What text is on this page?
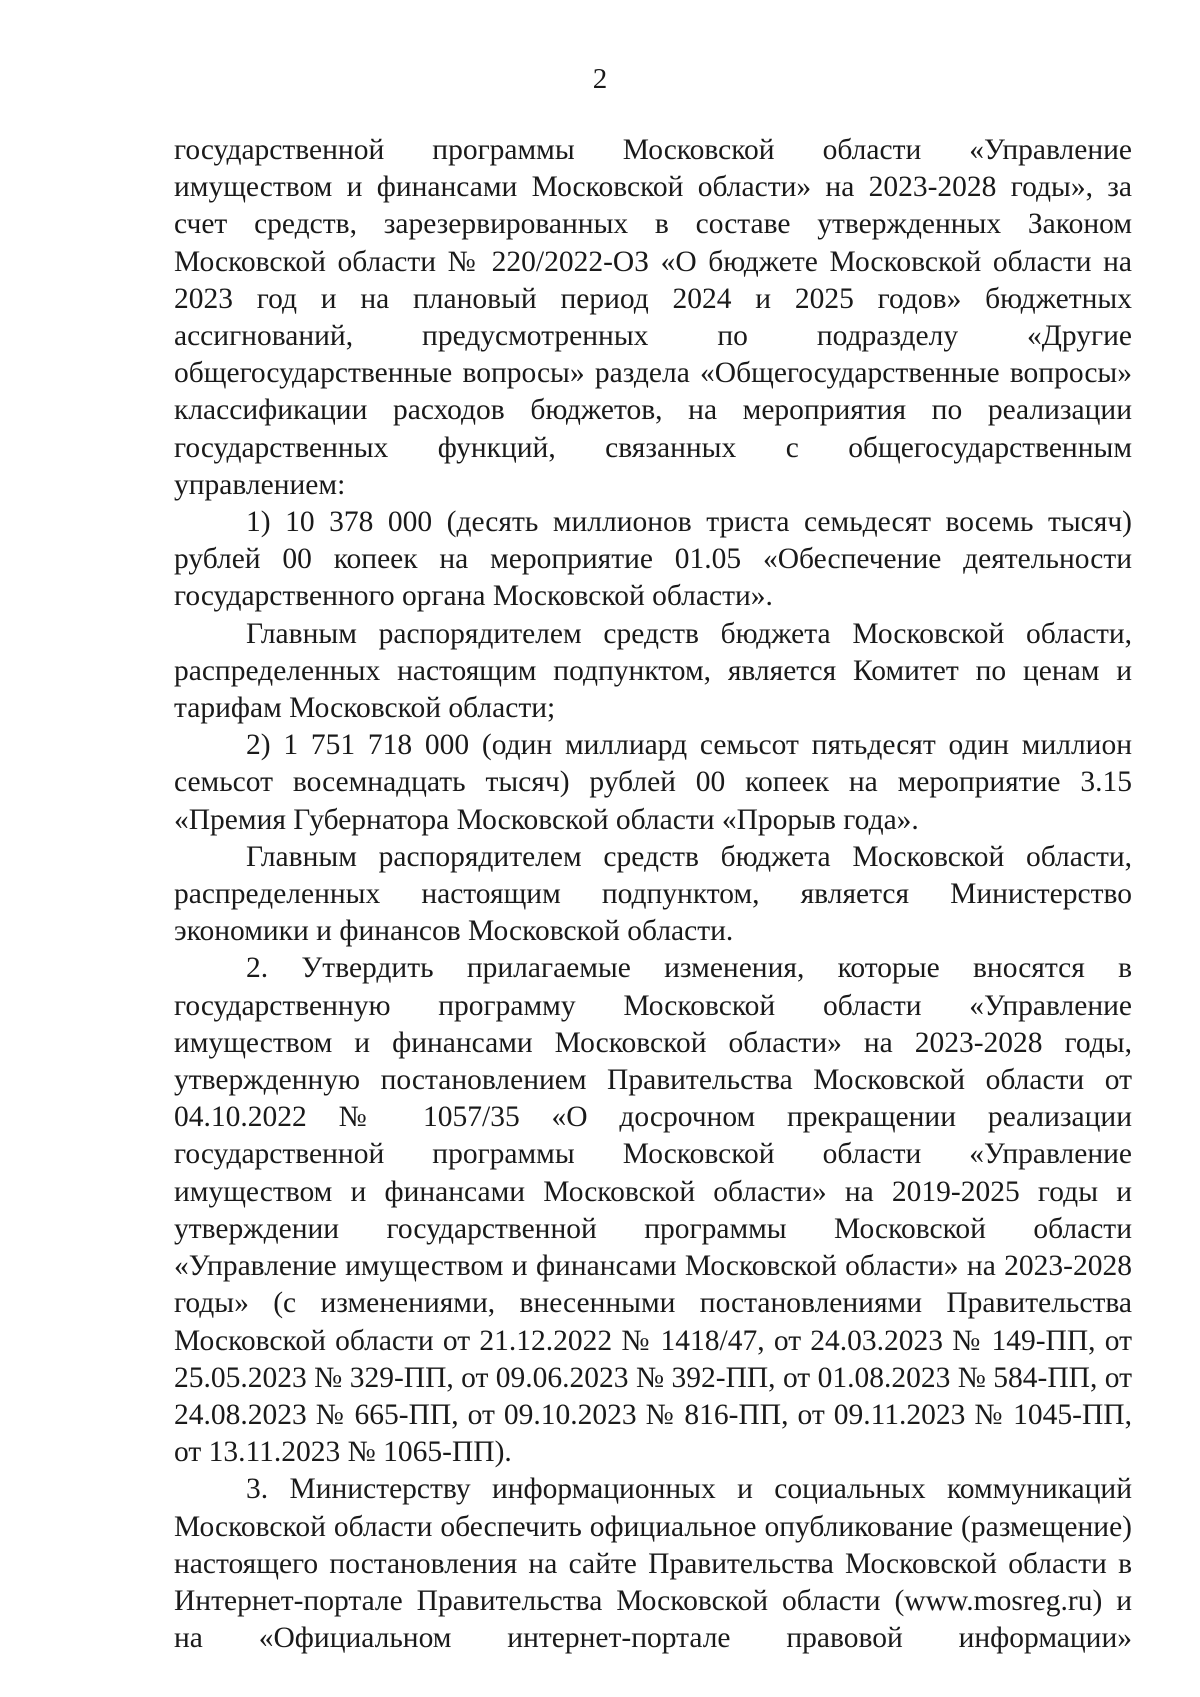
2

государственной программы Московской области «Управление имуществом и финансами Московской области» на 2023-2028 годы», за счет средств, зарезервированных в составе утвержденных Законом Московской области № 220/2022-ОЗ «О бюджете Московской области на 2023 год и на плановый период 2024 и 2025 годов» бюджетных ассигнований, предусмотренных по подразделу «Другие общегосударственные вопросы» раздела «Общегосударственные вопросы» классификации расходов бюджетов, на мероприятия по реализации государственных функций, связанных с общегосударственным управлением:

1) 10 378 000 (десять миллионов триста семьдесят восемь тысяч) рублей 00 копеек на мероприятие 01.05 «Обеспечение деятельности государственного органа Московской области».

Главным распорядителем средств бюджета Московской области, распределенных настоящим подпунктом, является Комитет по ценам и тарифам Московской области;

2) 1 751 718 000 (один миллиард семьсот пятьдесят один миллион семьсот восемнадцать тысяч) рублей 00 копеек на мероприятие 3.15 «Премия Губернатора Московской области «Прорыв года».

Главным распорядителем средств бюджета Московской области, распределенных настоящим подпунктом, является Министерство экономики и финансов Московской области.

2. Утвердить прилагаемые изменения, которые вносятся в государственную программу Московской области «Управление имуществом и финансами Московской области» на 2023-2028 годы, утвержденную постановлением Правительства Московской области от 04.10.2022 № 1057/35 «О досрочном прекращении реализации государственной программы Московской области «Управление имуществом и финансами Московской области» на 2019-2025 годы и утверждении государственной программы Московской области «Управление имуществом и финансами Московской области» на 2023-2028 годы» (с изменениями, внесенными постановлениями Правительства Московской области от 21.12.2022 № 1418/47, от 24.03.2023 № 149-ПП, от 25.05.2023 № 329-ПП, от 09.06.2023 № 392-ПП, от 01.08.2023 № 584-ПП, от 24.08.2023 № 665-ПП, от 09.10.2023 № 816-ПП, от 09.11.2023 № 1045-ПП, от 13.11.2023 № 1065-ПП).

3. Министерству информационных и социальных коммуникаций Московской области обеспечить официальное опубликование (размещение) настоящего постановления на сайте Правительства Московской области в Интернет-портале Правительства Московской области (www.mosreg.ru) и на «Официальном интернет-портале правовой информации»
